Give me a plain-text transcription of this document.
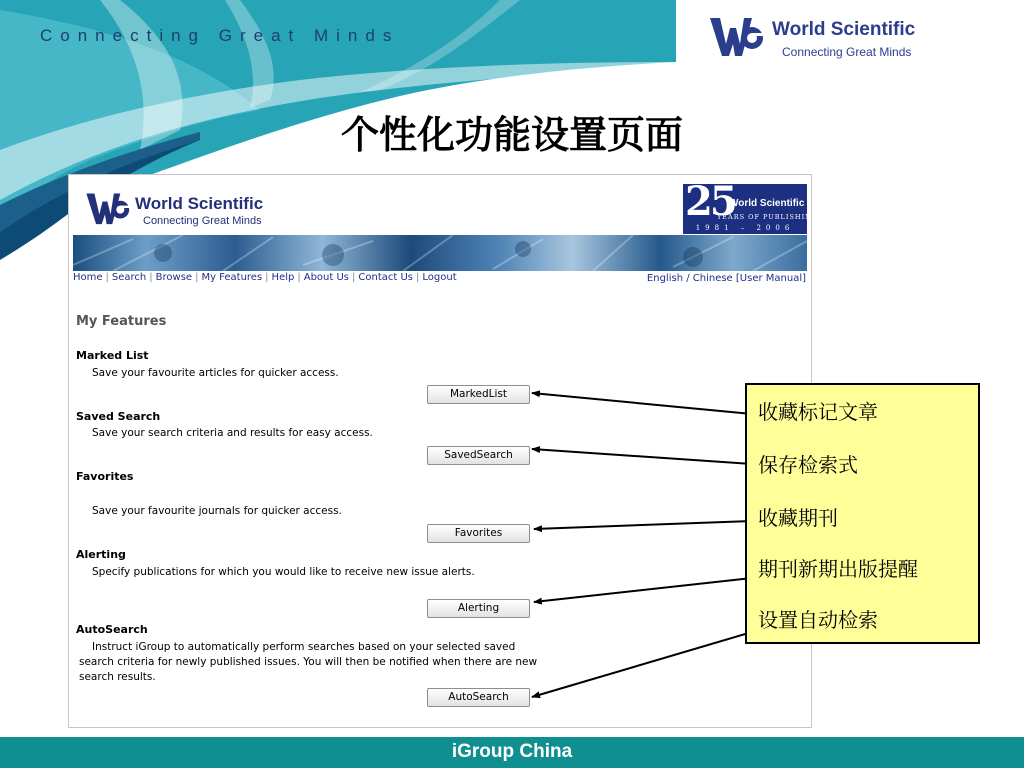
Connecting Great Minds	World Scientific
Connecting Great Minds
个性化功能设置页面
World Scientific
Connecting Great Minds	25
World Scientific
YEARS OF PUBLISHING
1981 – 2006
Home | Search | Browse | My Features | Help | About Us | Contact Us | Logout	English / Chinese [User Manual]
My Features
Marked List

Save your favourite articles for quicker access.

MarkedList
Saved Search

Save your search criteria and results for easy access.

SavedSearch
Favorites

Save your favourite journals for quicker access.

Favorites
Alerting

Specify publications for which you would like to receive new issue alerts.

Alerting
AutoSearch

Instruct iGroup to automatically perform searches based on your selected saved search criteria for newly published issues. You will then be notified when there are new search results.

AutoSearch

收藏标记文章

保存检索式

收藏期刊

期刊新期出版提醒

设置自动检索

iGroup China
